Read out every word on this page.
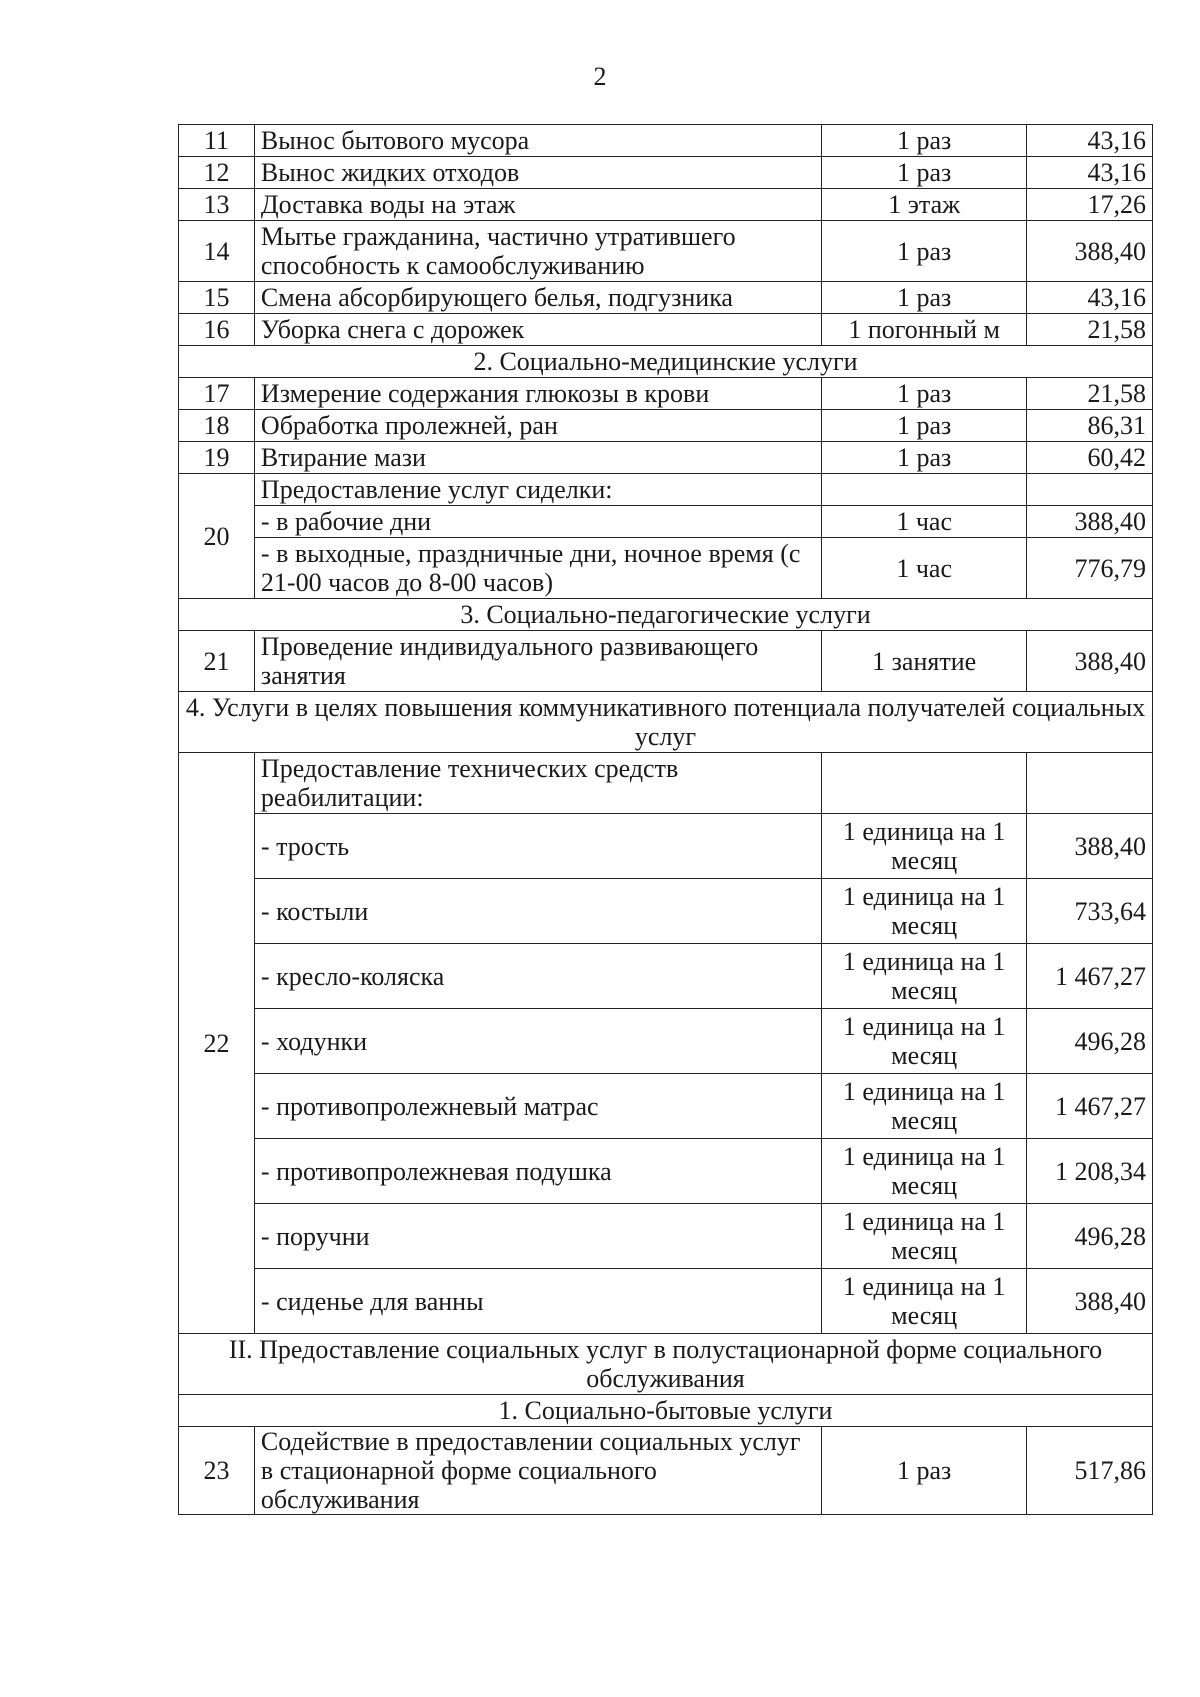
2
11	Вынос бытового мусора	1 раз	43,16
12	Вынос жидких отходов	1 раз	43,16
13	Доставка воды на этаж	1 этаж	17,26
14	Мытье гражданина, частично утратившего способность к самообслуживанию	1 раз	388,40
15	Смена абсорбирующего белья, подгузника	1 раз	43,16
16	Уборка снега с дорожек	1 погонный м	21,58
2. Социально-медицинские услуги			
17	Измерение содержания глюкозы в крови	1 раз	21,58
18	Обработка пролежней, ран	1 раз	86,31
19	Втирание мази	1 раз	60,42
20	Предоставление услуг сиделки:		
	- в рабочие дни	1 час	388,40
	- в выходные, праздничные дни, ночное время (с 21-00 часов до 8-00 часов)	1 час	776,79
3. Социально-педагогические услуги			
21	Проведение индивидуального развивающего занятия	1 занятие	388,40
4. Услуги в целях повышения коммуникативного потенциала получателей социальных услуг			
22	Предоставление технических средств реабилитации:		
	- трость	1 единица на 1 месяц	388,40
	- костыли	1 единица на 1 месяц	733,64
	- кресло-коляска	1 единица на 1 месяц	1 467,27
	- ходунки	1 единица на 1 месяц	496,28
	- противопролежневый матрас	1 единица на 1 месяц	1 467,27
	- противопролежневая подушка	1 единица на 1 месяц	1 208,34
	- поручни	1 единица на 1 месяц	496,28
	- сиденье для ванны	1 единица на 1 месяц	388,40
II. Предоставление социальных услуг в полустационарной форме социального обслуживания			
1. Социально-бытовые услуги			
23	Содействие в предоставлении социальных услуг в стационарной форме социального обслуживания	1 раз	517,86
